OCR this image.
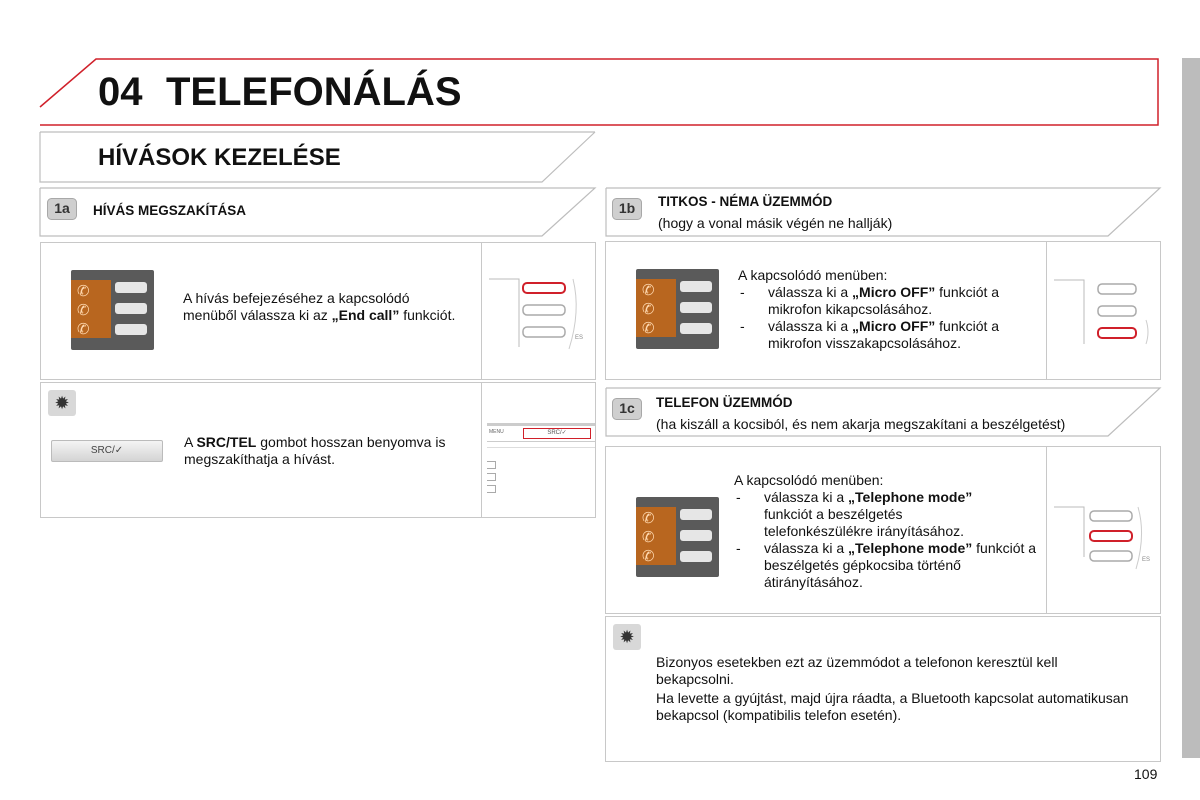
04 TELEFONÁLÁS
HÍVÁSOK KEZELÉSE
1a	HÍVÁS MEGSZAKÍTÁSA
✆
✆
✆
A hívás befejezéséhez a kapcsolódó menüből válassza ki az „End call” funkciót.
ES
✹
SRC/✓
A SRC/TEL gombot hosszan benyomva is megszakíthatja a hívást.
MENU	SRC/✓
1b	TITKOS - NÉMA ÜZEMMÓD
(hogy a vonal másik végén ne hallják)
✆
✆
✆
A kapcsolódó menüben:
- válassza ki a „Micro OFF” funkciót a mikrofon kikapcsolásához.
- válassza ki a „Micro OFF” funkciót a mikrofon visszakapcsolásához.
1c	TELEFON ÜZEMMÓD
(ha kiszáll a kocsiból, és nem akarja megszakítani a beszélgetést)
✆
✆
✆
A kapcsolódó menüben:
- válassza ki a „Telephone mode” funkciót a beszélgetés telefonkészülékre irányításához.
- válassza ki a „Telephone mode” funkciót a beszélgetés gépkocsiba történő átirányításához.
ES
✹
Bizonyos esetekben ezt az üzemmódot a telefonon keresztül kell bekapcsolni.
Ha levette a gyújtást, majd újra ráadta, a Bluetooth kapcsolat automatikusan bekapcsol (kompatibilis telefon esetén).
109
